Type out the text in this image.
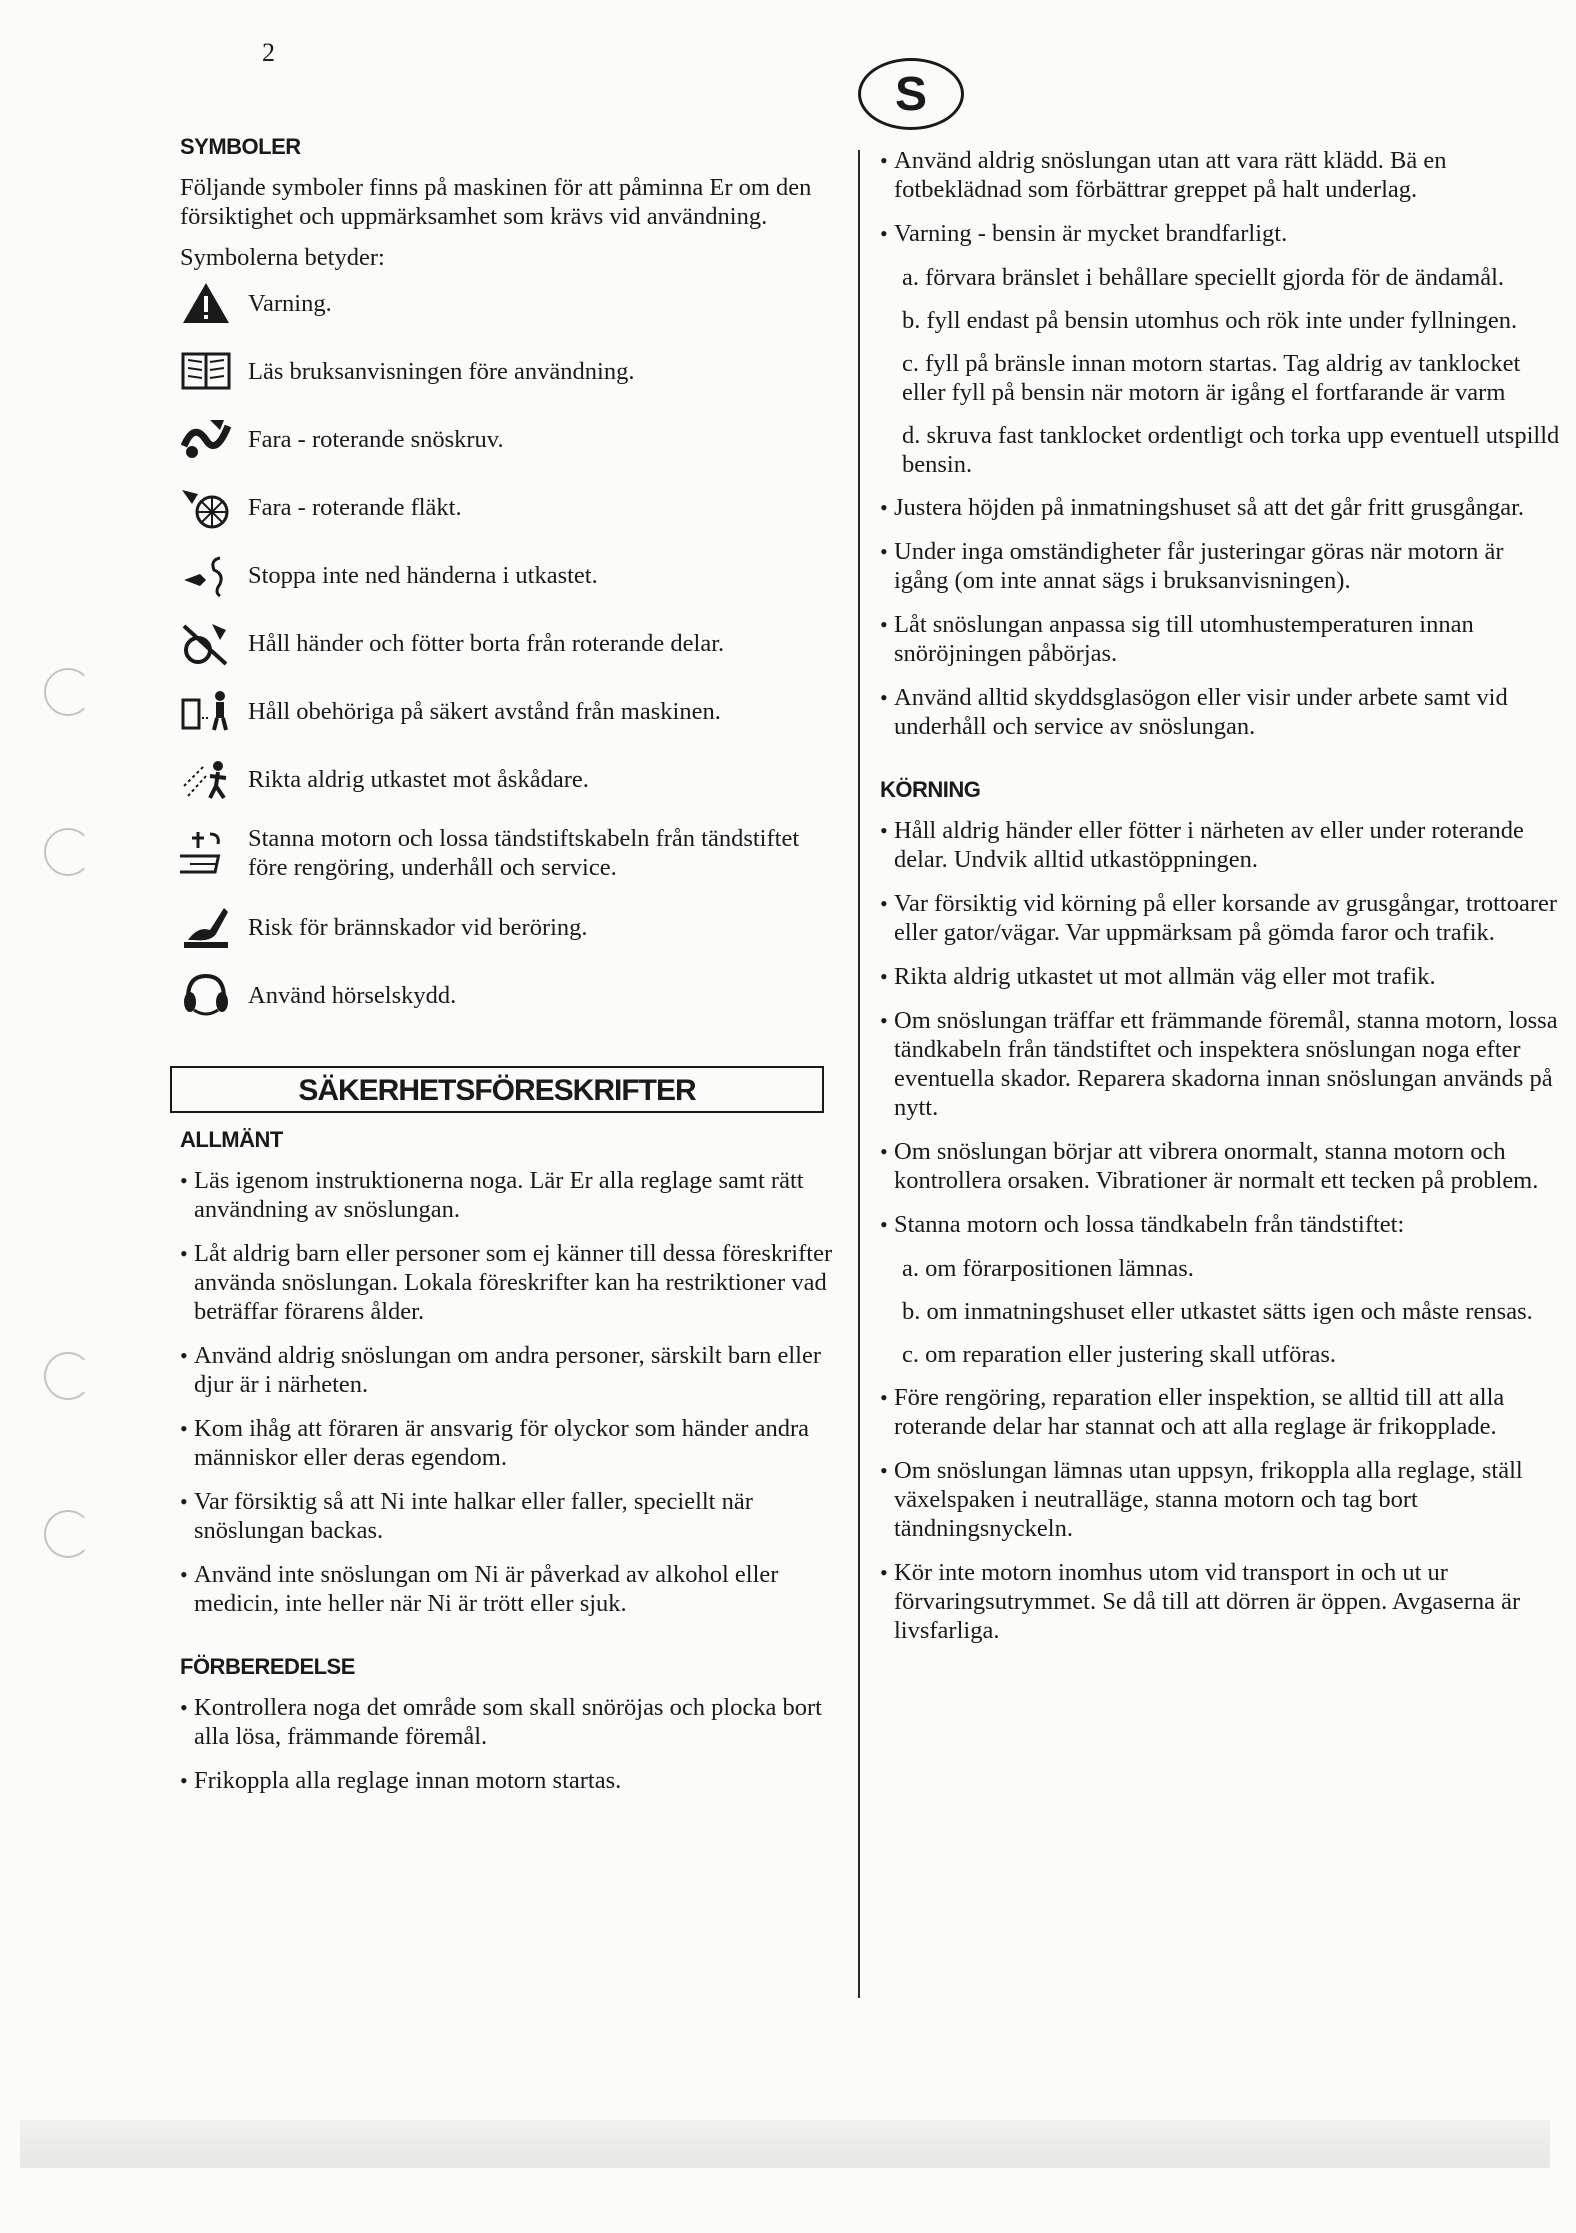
2
S
SYMBOLER
Följande symboler finns på maskinen för att påminna Er om den försiktighet och uppmärksamhet som krävs vid användning.
Symbolerna betyder:
Varning.
Läs bruksanvisningen före användning.
Fara - roterande snöskruv.
Fara - roterande fläkt.
Stoppa inte ned händerna i utkastet.
Håll händer och fötter borta från roterande delar.
Håll obehöriga på säkert avstånd från maskinen.
Rikta aldrig utkastet mot åskådare.
Stanna motorn och lossa tändstiftskabeln från tändstiftet före rengöring, underhåll och service.
Risk för brännskador vid beröring.
Använd hörselskydd.
SÄKERHETSFÖRESKRIFTER
ALLMÄNT
• Läs igenom instruktionerna noga. Lär Er alla reglage samt rätt användning av snöslungan.
• Låt aldrig barn eller personer som ej känner till dessa föreskrifter använda snöslungan. Lokala föreskrifter kan ha restriktioner vad beträffar förarens ålder.
• Använd aldrig snöslungan om andra personer, särskilt barn eller djur är i närheten.
• Kom ihåg att föraren är ansvarig för olyckor som händer andra människor eller deras egendom.
• Var försiktig så att Ni inte halkar eller faller, speciellt när snöslungan backas.
• Använd inte snöslungan om Ni är påverkad av alkohol eller medicin, inte heller när Ni är trött eller sjuk.
FÖRBEREDELSE
• Kontrollera noga det område som skall snöröjas och plocka bort alla lösa, främmande föremål.
• Frikoppla alla reglage innan motorn startas.
• Använd aldrig snöslungan utan att vara rätt klädd. Bä en fotbeklädnad som förbättrar greppet på halt underlag.
• Varning - bensin är mycket brandfarligt.
a. förvara bränslet i behållare speciellt gjorda för de ändamål.
b. fyll endast på bensin utomhus och rök inte under fyllningen.
c. fyll på bränsle innan motorn startas. Tag aldrig av tanklocket eller fyll på bensin när motorn är igång el fortfarande är varm
d. skruva fast tanklocket ordentligt och torka upp eventuell utspilld bensin.
• Justera höjden på inmatningshuset så att det går fritt grusgångar.
• Under inga omständigheter får justeringar göras när motorn är igång (om inte annat sägs i bruksanvisningen).
• Låt snöslungan anpassa sig till utomhustemperaturen innan snöröjningen påbörjas.
• Använd alltid skyddsglasögon eller visir under arbete samt vid underhåll och service av snöslungan.
KÖRNING
• Håll aldrig händer eller fötter i närheten av eller under roterande delar. Undvik alltid utkastöppningen.
• Var försiktig vid körning på eller korsande av grusgångar, trottoarer eller gator/vägar. Var uppmärksam på gömda faror och trafik.
• Rikta aldrig utkastet ut mot allmän väg eller mot trafik.
• Om snöslungan träffar ett främmande föremål, stanna motorn, lossa tändkabeln från tändstiftet och inspektera snöslungan noga efter eventuella skador. Reparera skadorna innan snöslungan används på nytt.
• Om snöslungan börjar att vibrera onormalt, stanna motorn och kontrollera orsaken. Vibrationer är normalt ett tecken på problem.
• Stanna motorn och lossa tändkabeln från tändstiftet:
a. om förarpositionen lämnas.
b. om inmatningshuset eller utkastet sätts igen och måste rensas.
c. om reparation eller justering skall utföras.
• Före rengöring, reparation eller inspektion, se alltid till att alla roterande delar har stannat och att alla reglage är frikopplade.
• Om snöslungan lämnas utan uppsyn, frikoppla alla reglage, ställ växelspaken i neutralläge, stanna motorn och tag bort tändningsnyckeln.
• Kör inte motorn inomhus utom vid transport in och ut ur förvaringsutrymmet. Se då till att dörren är öppen. Avgaserna är livsfarliga.
